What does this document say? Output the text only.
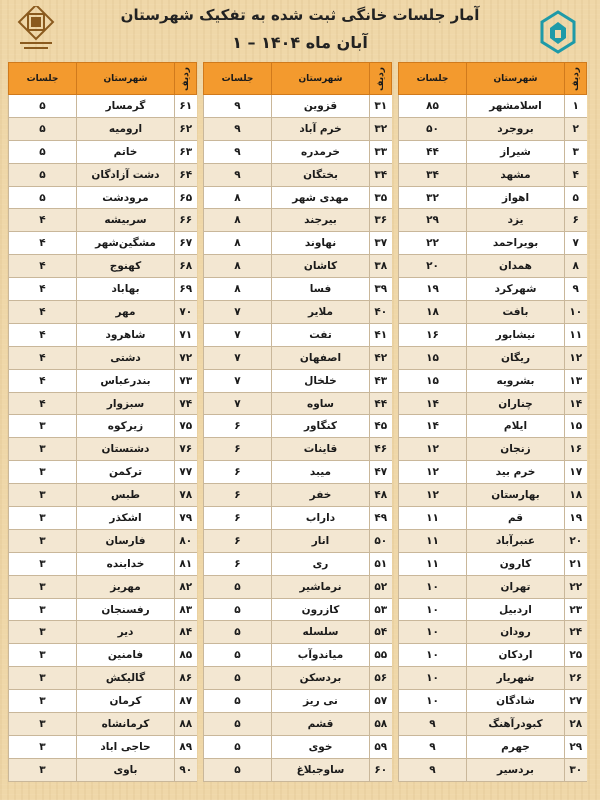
آمار جلسات خانگی ثبت شده به تفکیک شهرستان
آبان ماه ۱۴۰۴ – ۱
ردیف	شهرستان	جلسات
۱	اسلامشهر	۸۵
۲	بروجرد	۵۰
۳	شیراز	۴۴
۴	مشهد	۳۴
۵	اهواز	۳۲
۶	یزد	۲۹
۷	بویراحمد	۲۲
۸	همدان	۲۰
۹	شهرکرد	۱۹
۱۰	بافت	۱۸
۱۱	نیشابور	۱۶
۱۲	ریگان	۱۵
۱۳	بشرویه	۱۵
۱۴	چناران	۱۴
۱۵	ایلام	۱۴
۱۶	زنجان	۱۲
۱۷	خرم بید	۱۲
۱۸	بهارستان	۱۲
۱۹	قم	۱۱
۲۰	عنبرآباد	۱۱
۲۱	کارون	۱۱
۲۲	تهران	۱۰
۲۳	اردبیل	۱۰
۲۴	رودان	۱۰
۲۵	اردکان	۱۰
۲۶	شهریار	۱۰
۲۷	شادگان	۱۰
۲۸	کبودرآهنگ	۹
۲۹	جهرم	۹
۳۰	بردسیر	۹
ردیف	شهرستان	جلسات
۳۱	قزوین	۹
۳۲	خرم آباد	۹
۳۳	خرمدره	۹
۳۴	بختگان	۹
۳۵	مهدی شهر	۸
۳۶	بیرجند	۸
۳۷	نهاوند	۸
۳۸	کاشان	۸
۳۹	فسا	۸
۴۰	ملایر	۷
۴۱	تفت	۷
۴۲	اصفهان	۷
۴۳	خلخال	۷
۴۴	ساوه	۷
۴۵	کنگاور	۶
۴۶	قاینات	۶
۴۷	میبد	۶
۴۸	خفر	۶
۴۹	داراب	۶
۵۰	انار	۶
۵۱	ری	۶
۵۲	نرماشیر	۵
۵۳	کازرون	۵
۵۴	سلسله	۵
۵۵	میاندوآب	۵
۵۶	بردسکن	۵
۵۷	نی ریز	۵
۵۸	قشم	۵
۵۹	خوی	۵
۶۰	ساوجبلاغ	۵
ردیف	شهرستان	جلسات
۶۱	گرمسار	۵
۶۲	ارومیه	۵
۶۳	خاتم	۵
۶۴	دشت آزادگان	۵
۶۵	مرودشت	۵
۶۶	سربیشه	۴
۶۷	مشگین‌شهر	۴
۶۸	کهنوج	۴
۶۹	بهاباد	۴
۷۰	مهر	۴
۷۱	شاهرود	۴
۷۲	دشتی	۴
۷۳	بندرعباس	۴
۷۴	سبزوار	۴
۷۵	زیرکوه	۳
۷۶	دشتستان	۳
۷۷	ترکمن	۳
۷۸	طبس	۳
۷۹	اشکذر	۳
۸۰	فارسان	۳
۸۱	خدابنده	۳
۸۲	مهریز	۳
۸۳	رفسنجان	۳
۸۴	دیر	۳
۸۵	فامنین	۳
۸۶	گالیکش	۳
۸۷	کرمان	۳
۸۸	کرمانشاه	۳
۸۹	حاجی اباد	۳
۹۰	باوی	۳
